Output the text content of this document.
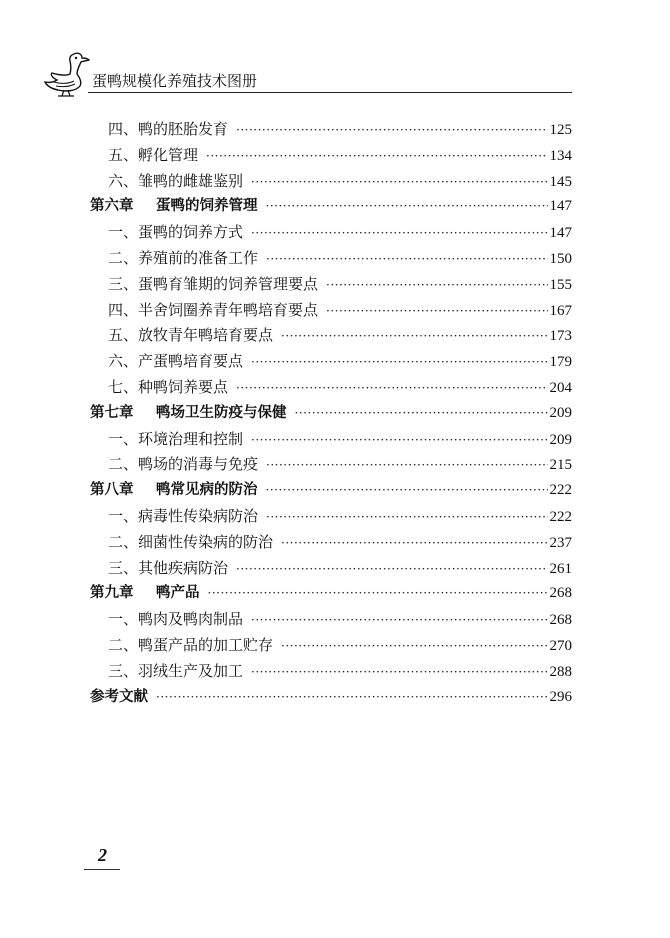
蛋鸭规模化养殖技术图册
四、鸭的胚胎发育 ·····	125
五、孵化管理 ·····	134
六、雏鸭的雌雄鉴别 ·····	145
第六章 蛋鸭的饲养管理 ·····	147
一、蛋鸭的饲养方式 ·····	147
二、养殖前的准备工作 ·····	150
三、蛋鸭育雏期的饲养管理要点 ·····	155
四、半舍饲圈养青年鸭培育要点 ·····	167
五、放牧青年鸭培育要点 ·····	173
六、产蛋鸭培育要点 ·····	179
七、种鸭饲养要点 ·····	204
第七章 鸭场卫生防疫与保健 ·····	209
一、环境治理和控制 ·····	209
二、鸭场的消毒与免疫 ·····	215
第八章 鸭常见病的防治 ·····	222
一、病毒性传染病防治 ·····	222
二、细菌性传染病的防治 ·····	237
三、其他疾病防治 ·····	261
第九章 鸭产品 ·····	268
一、鸭肉及鸭肉制品 ·····	268
二、鸭蛋产品的加工贮存 ·····	270
三、羽绒生产及加工 ·····	288
参考文献 ·····	296
2
